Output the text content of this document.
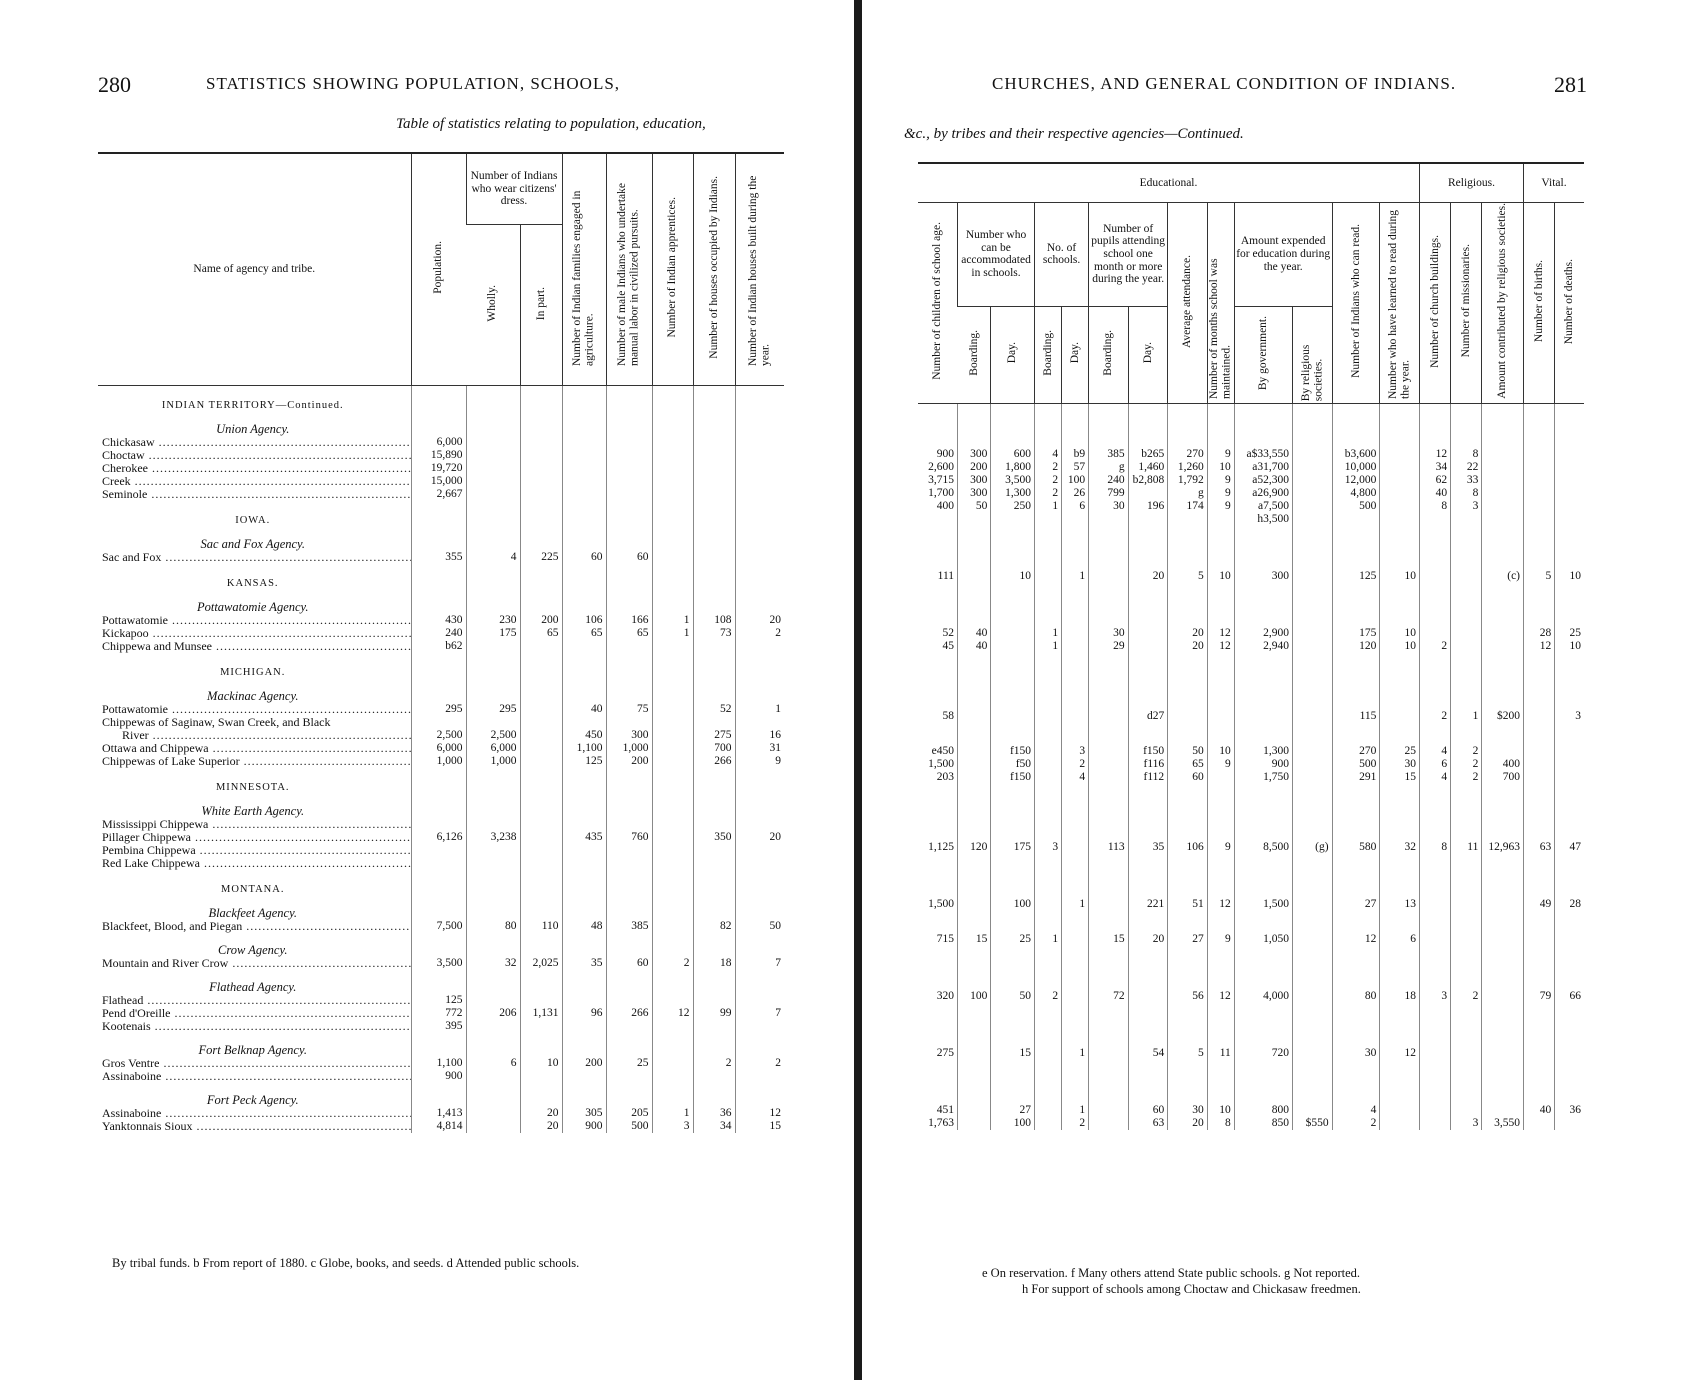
280	STATISTICS SHOWING POPULATION, SCHOOLS,
Table of statistics relating to population, education,
Name of agency and tribe.	Population.	Number of Indians who wear citizens' dress.		Number of Indian families engaged in agriculture.	Number of male Indians who undertake manual labor in civilized pursuits.	Number of Indian apprentices.	Number of houses occupied by Indians.	Number of Indian houses built during the year.
		Wholly.	In part.					
INDIAN TERRITORY—Continued.								
Union Agency.								
Chickasaw .....	6,000							
Choctaw .....	15,890							
Cherokee .....	19,720							
Creek .....	15,000							
Seminole .....	2,667							
IOWA.								
Sac and Fox Agency.								
Sac and Fox .....	355	4	225	60	60			
KANSAS.								
Pottawatomie Agency.								
Pottawatomie .....	430	230	200	106	166	1	108	20
Kickapoo .....	240	175	65	65	65	1	73	2
Chippewa and Munsee .....	b62							
MICHIGAN.								
Mackinac Agency.								
Pottawatomie .....	295	295		40	75		52	1
Chippewas of Saginaw, Swan Creek, and Black								
River .....	2,500	2,500		450	300		275	16
Ottawa and Chippewa .....	6,000	6,000		1,100	1,000		700	31
Chippewas of Lake Superior .....	1,000	1,000		125	200		266	9
MINNESOTA.								
White Earth Agency.								
Mississippi Chippewa .....								
Pillager Chippewa .....	6,126	3,238		435	760		350	20
Pembina Chippewa .....								
Red Lake Chippewa .....								
MONTANA.								
Blackfeet Agency.								
Blackfeet, Blood, and Piegan .....	7,500	80	110	48	385		82	50
Crow Agency.								
Mountain and River Crow .....	3,500	32	2,025	35	60	2	18	7
Flathead Agency.								
Flathead .....	125							
Pend d'Oreille .....	772	206	1,131	96	266	12	99	7
Kootenais .....	395							
Fort Belknap Agency.								
Gros Ventre .....	1,100	6	10	200	25		2	2
Assinaboine .....	900							
Fort Peck Agency.								
Assinaboine .....	1,413		20	305	205	1	36	12
Yanktonnais Sioux .....	4,814		20	900	500	3	34	15
By tribal funds. b From report of 1880. c Globe, books, and seeds. d Attended public schools.
CHURCHES, AND GENERAL CONDITION OF INDIANS.	281
&c., by tribes and their respective agencies—Continued.
Educational.													Religious.			Vital.	
Number of children of school age.	Number who can be accommodated in schools.		No. of schools.		Number of pupils attending school one month or more during the year.		Average attendance.	Number of months school was maintained.	Amount expended for education during the year.		Number of Indians who can read.	Number who have learned to read during the year.	Number of church buildings.	Number of missionaries.	Amount contributed by religious societies.	Number of births.	Number of deaths.
	Boarding.	Day.	Boarding.	Day.	Boarding.	Day.			By government.	By religious societies.							

900	300	600	4	b9	385	b265	270	9	a$33,550		b3,600		12	8			
2,600	200	1,800	2	57	g	1,460	1,260	10	a31,700		10,000		34	22			
3,715	300	3,500	2	100	240	b2,808	1,792	9	a52,300		12,000		62	33			
1,700	300	1,300	2	26	799		g	9	a26,900		4,800		40	8			
400	50	250	1	6	30	196	174	9	a7,500		500		8	3			
									h3,500								

111		10		1		20	5	10	300		125	10			(c)	5	10

52	40		1		30		20	12	2,900		175	10				28	25
45	40		1		29		20	12	2,940		120	10	2			12	10

58						d27					115		2	1	$200		3

e450		f150		3		f150	50	10	1,300		270	25	4	2			
1,500		f50		2		f116	65	9	900		500	30	6	2	400		
203		f150		4		f112	60		1,750		291	15	4	2	700		

1,125	120	175	3		113	35	106	9	8,500	(g)	580	32	8	11	12,963	63	47

1,500		100		1		221	51	12	1,500		27	13				49	28

715	15	25	1		15	20	27	9	1,050		12	6					

320	100	50	2		72		56	12	4,000		80	18	3	2		79	66

275		15		1		54	5	11	720		30	12					

451		27		1		60	30	10	800		4					40	36
1,763		100		2		63	20	8	850	$550	2			3	3,550		
e On reservation. f Many others attend State public schools. g Not reported.
h For support of schools among Choctaw and Chickasaw freedmen.
